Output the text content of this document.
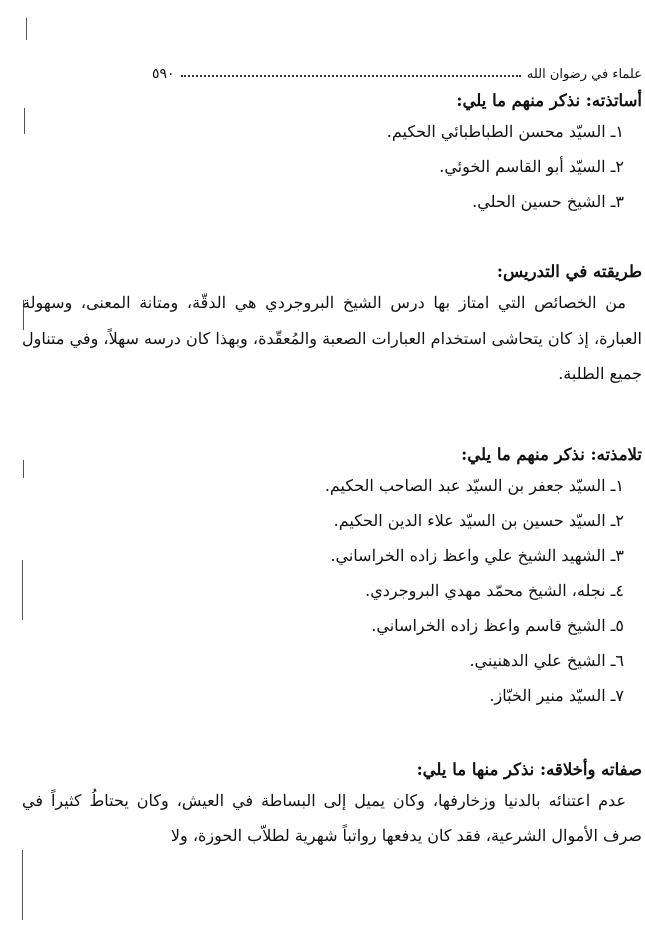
علماء في رضوان الله
٥٩٠
أساتذته: نذكر منهم ما يلي:
١ـ السيّد محسن الطباطبائي الحكيم.
٢ـ السيّد أبو القاسم الخوئي.
٣ـ الشيخ حسين الحلي.
طريقته في التدريس:

من الخصائص التي امتاز بها درس الشيخ البروجردي هي الدقّة، ومتانة المعنى، وسهولة العبارة، إذ كان يتحاشى استخدام العبارات الصعبة والمُعقّدة، وبهذا كان درسه سهلاً، وفي متناول جميع الطلبة.

تلامذته: نذكر منهم ما يلي:
١ـ السيّد جعفر بن السيّد عبد الصاحب الحكيم.
٢ـ السيّد حسين بن السيّد علاء الدين الحكيم.
٣ـ الشهيد الشيخ علي واعظ زاده الخراساني.
٤ـ نجله، الشيخ محمّد مهدي البروجردي.
٥ـ الشيخ قاسم واعظ زاده الخراساني.
٦ـ الشيخ علي الدهنيني.
٧ـ السيّد منير الخبّاز.
صفاته وأخلاقه: نذكر منها ما يلي:

عدم اعتنائه بالدنيا وزخارفها، وكان يميل إلى البساطة في العيش، وكان يحتاطُ كثيراً في صرف الأموال الشرعية، فقد كان يدفعها رواتباً شهرية لطلاّب الحوزة، ولا
